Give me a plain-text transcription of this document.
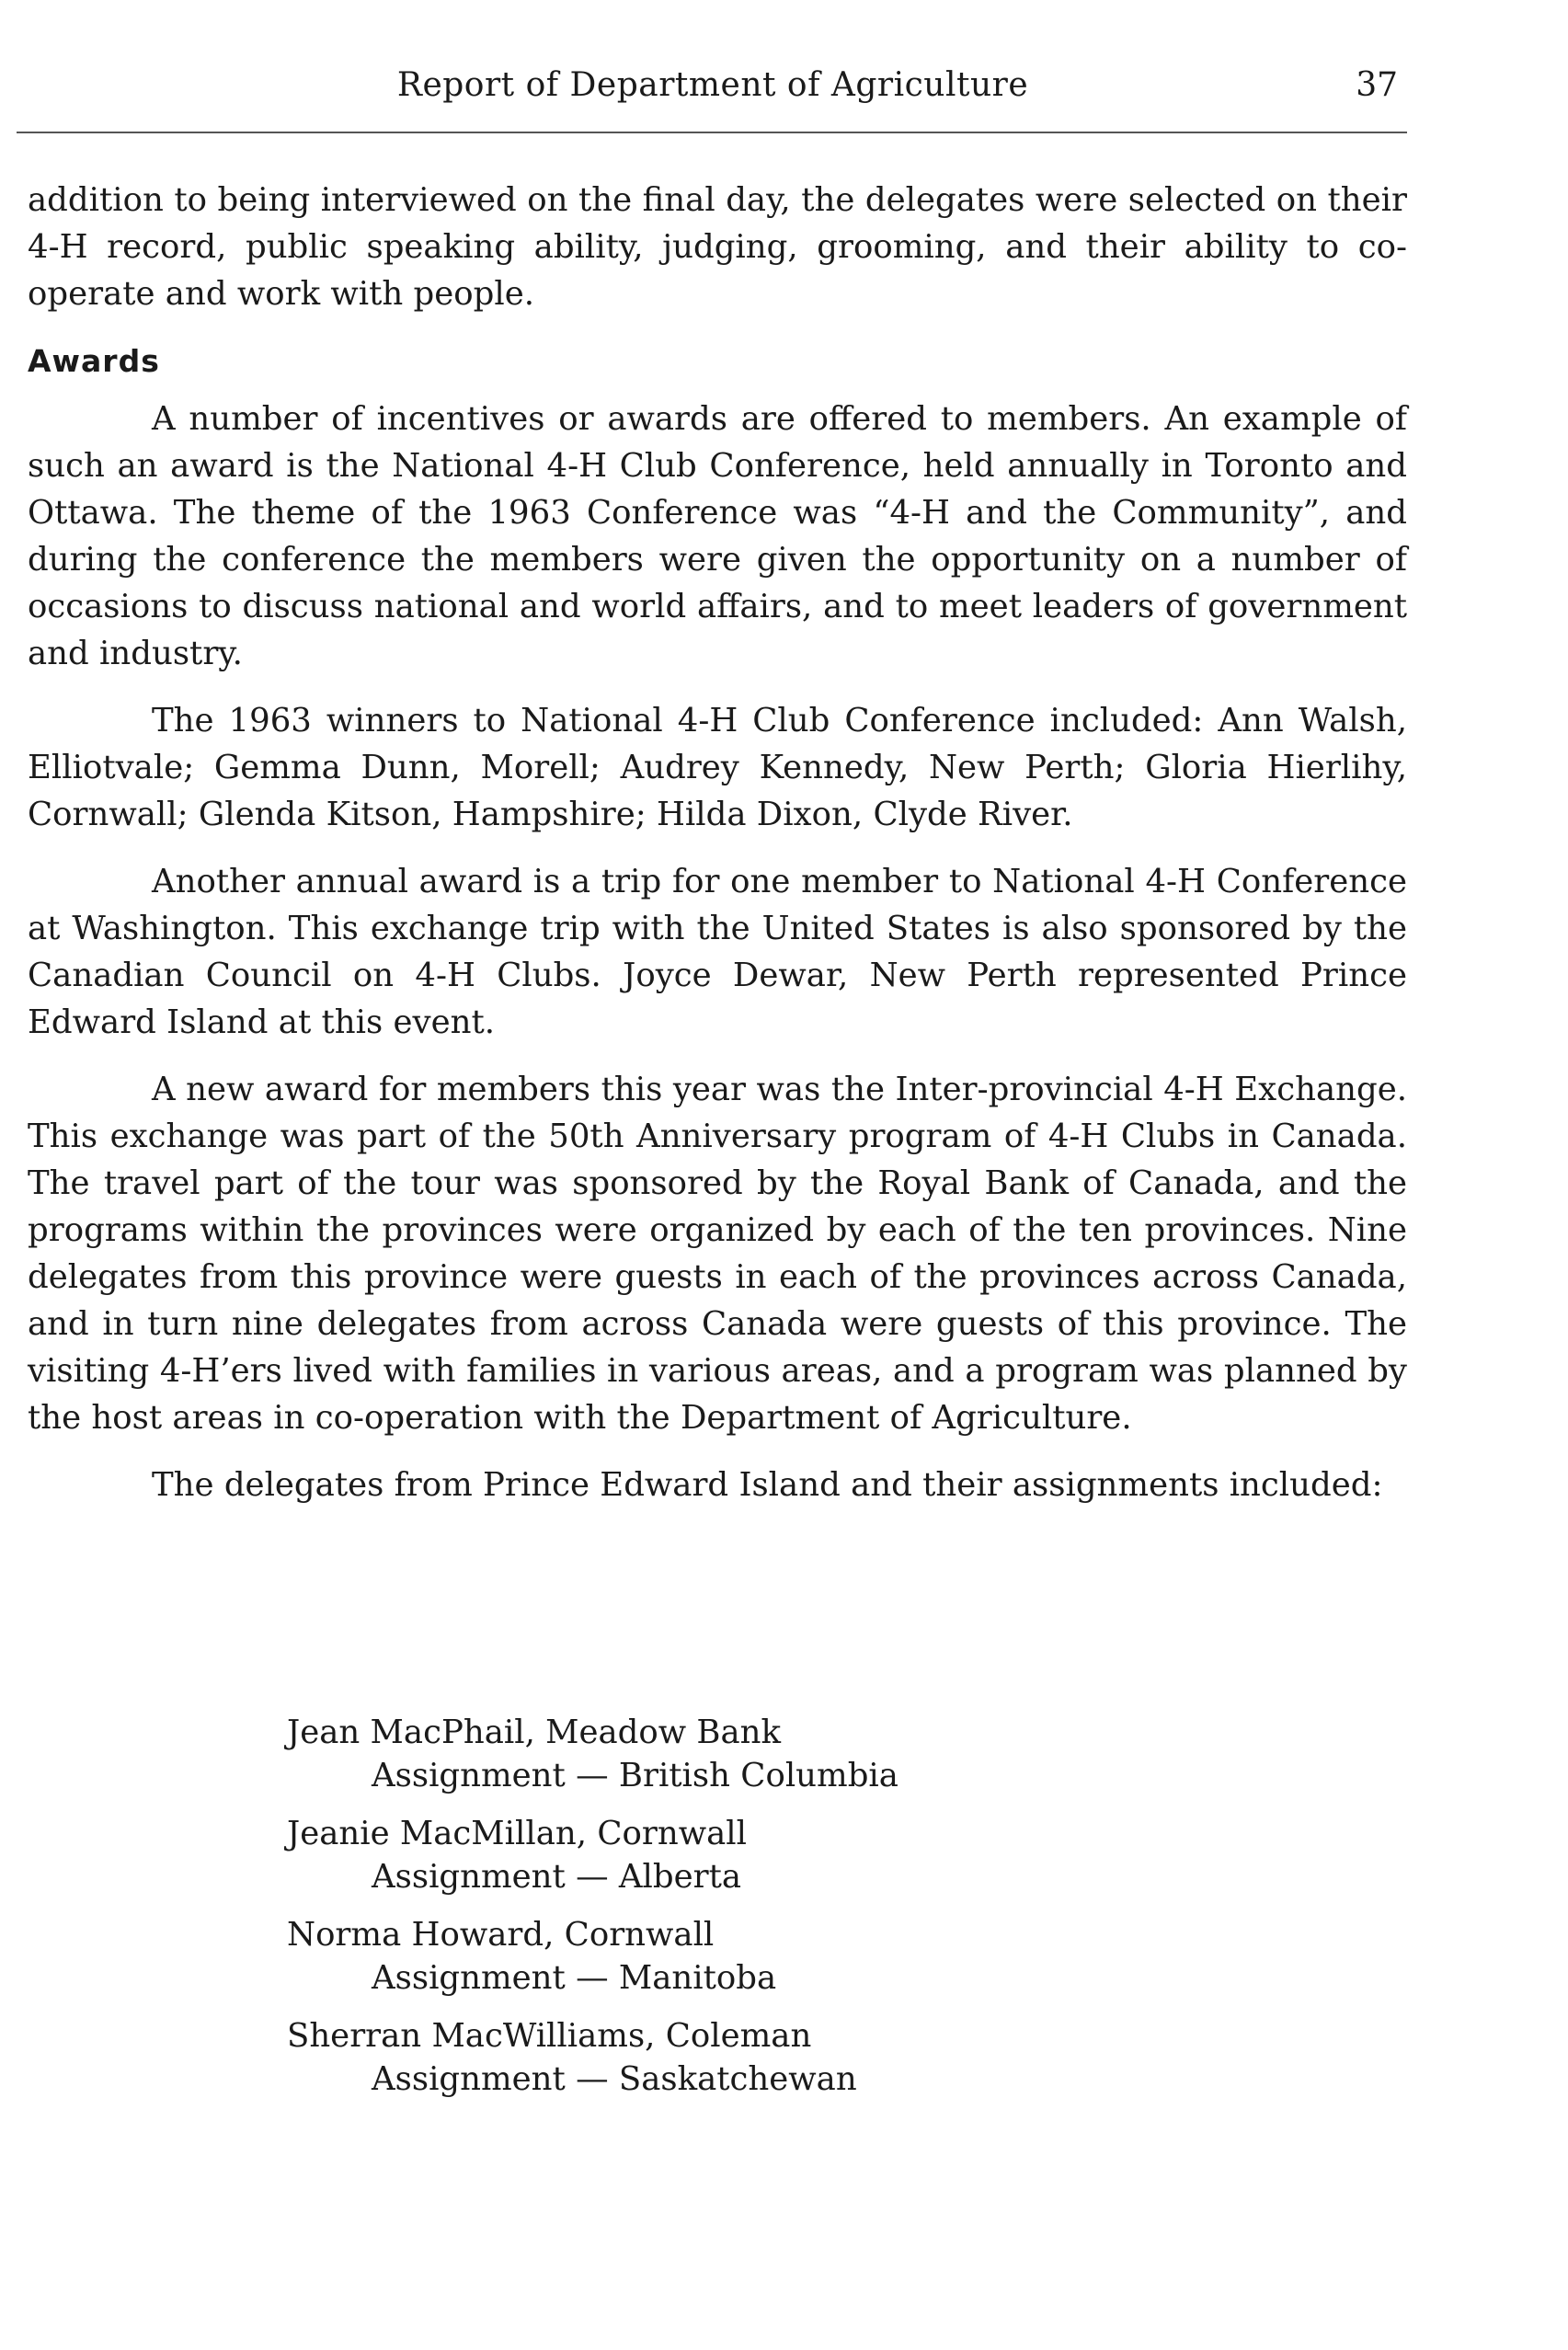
Report of Department of Agriculture	37

addition to being interviewed on the final day, the delegates were selected on their 4-H record, public speaking ability, judging, grooming, and their ability to co-operate and work with people.

Awards

A number of incentives or awards are offered to members. An example of such an award is the National 4-H Club Conference, held annually in Toronto and Ottawa. The theme of the 1963 Conference was “4-H and the Community”, and during the conference the members were given the opportunity on a number of occasions to discuss national and world affairs, and to meet leaders of government and industry.

The 1963 winners to National 4-H Club Conference included: Ann Walsh, Elliotvale; Gemma Dunn, Morell; Audrey Kennedy, New Perth; Gloria Hierlihy, Cornwall; Glenda Kitson, Hampshire; Hilda Dixon, Clyde River.

Another annual award is a trip for one member to National 4-H Conference at Washington. This exchange trip with the United States is also sponsored by the Canadian Council on 4-H Clubs. Joyce Dewar, New Perth represented Prince Edward Island at this event.

A new award for members this year was the Inter-provincial 4-H Exchange. This exchange was part of the 50th Anniversary program of 4-H Clubs in Canada. The travel part of the tour was sponsored by the Royal Bank of Canada, and the programs within the provinces were organized by each of the ten provinces. Nine delegates from this province were guests in each of the provinces across Canada, and in turn nine delegates from across Canada were guests of this province. The visiting 4-H’ers lived with families in various areas, and a program was planned by the host areas in co-operation with the Department of Agriculture.

The delegates from Prince Edward Island and their assignments included:

Jean MacPhail, Meadow Bank
Assignment — British Columbia
Jeanie MacMillan, Cornwall
Assignment — Alberta
Norma Howard, Cornwall
Assignment — Manitoba
Sherran MacWilliams, Coleman
Assignment — Saskatchewan
